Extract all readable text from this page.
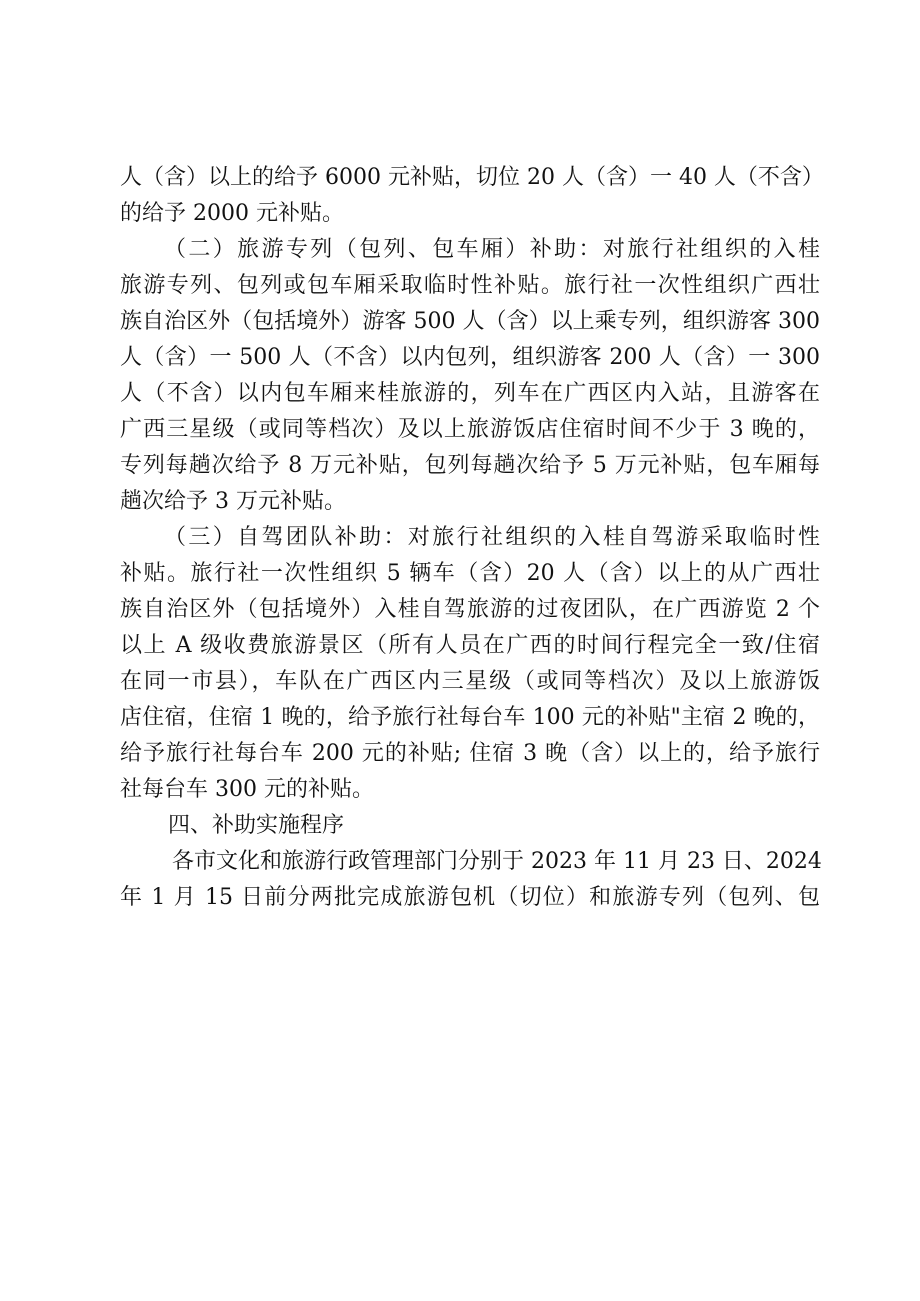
人（含）以上的给予 6000 元补贴，切位 20 人（含）一 40 人（不含）
的给予 2000 元补贴。
（二）旅游专列（包列、包车厢）补助：对旅行社组织的入桂
旅游专列、包列或包车厢采取临时性补贴。旅行社一次性组织广西壮
族自治区外（包括境外）游客 500 人（含）以上乘专列，组织游客 300
人（含）一 500 人（不含）以内包列，组织游客 200 人（含）一 300
人（不含）以内包车厢来桂旅游的，列车在广西区内入站，且游客在
广西三星级（或同等档次）及以上旅游饭店住宿时间不少于 3 晚的，
专列每趟次给予 8 万元补贴，包列每趟次给予 5 万元补贴，包车厢每
趟次给予 3 万元补贴。
（三）自驾团队补助：对旅行社组织的入桂自驾游采取临时性
补贴。旅行社一次性组织 5 辆车（含）20 人（含）以上的从广西壮
族自治区外（包括境外）入桂自驾旅游的过夜团队，在广西游览 2 个
以上 A 级收费旅游景区（所有人员在广西的时间行程完全一致/住宿
在同一市县），车队在广西区内三星级（或同等档次）及以上旅游饭
店住宿，住宿 1 晚的，给予旅行社每台车 100 元的补贴"主宿 2 晚的，
给予旅行社每台车 200 元的补贴; 住宿 3 晚（含）以上的，给予旅行
社每台车 300 元的补贴。
四、补助实施程序
各市文化和旅游行政管理部门分别于 2023 年 11 月 23 日、2024
年 1 月 15 日前分两批完成旅游包机（切位）和旅游专列（包列、包
